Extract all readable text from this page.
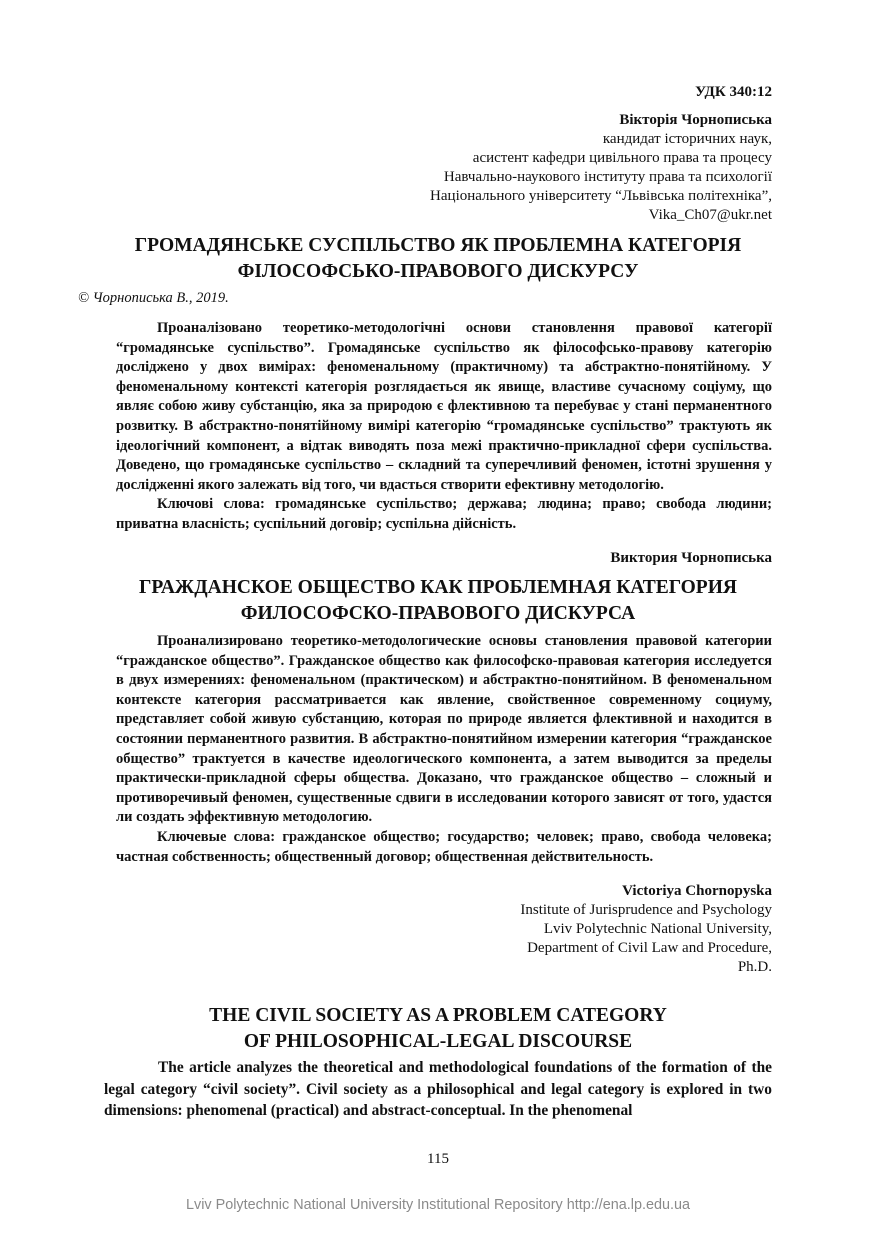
УДК 340:12
Вікторія Чорнописька
кандидат історичних наук,
асистент кафедри цивільного права та процесу
Навчально-наукового інституту права та психології
Національного університету “Львівська політехніка”,
Vika_Ch07@ukr.net
ГРОМАДЯНСЬКЕ СУСПІЛЬСТВО ЯК ПРОБЛЕМНА КАТЕГОРІЯ
ФІЛОСОФСЬКО-ПРАВОВОГО ДИСКУРСУ
© Чорнописька В., 2019.

Проаналізовано теоретико-методологічні основи становлення правової категорії “громадянське суспільство”. Громадянське суспільство як філософсько-правову категорію досліджено у двох вимірах: феноменальному (практичному) та абстрактно-понятійному. У феноменальному контексті категорія розглядається як явище, властиве сучасному соціуму, що являє собою живу субстанцію, яка за природою є флективною та перебуває у стані перманентного розвитку. В абстрактно-понятійному вимірі категорію “громадянське суспільство” трактують як ідеологічний компонент, а відтак виводять поза межі практично-прикладної сфери суспільства. Доведено, що громадянське суспільство – складний та суперечливий феномен, істотні зрушення у дослідженні якого залежать від того, чи вдасться створити ефективну методологію.

Ключові слова: громадянське суспільство; держава; людина; право; свобода людини; приватна власність; суспільний договір; суспільна дійсність.

Виктория Чорнописька
ГРАЖДАНСКОЕ ОБЩЕСТВО КАК ПРОБЛЕМНАЯ КАТЕГОРИЯ
ФИЛОСОФСКО-ПРАВОВОГО ДИСКУРСА

Проанализировано теоретико-методологические основы становления правовой категории “гражданское общество”. Гражданское общество как философско-правовая категория исследуется в двух измерениях: феноменальном (практическом) и абстрактно-понятийном. В феноменальном контексте категория рассматривается как явление, свойственное современному социуму, представляет собой живую субстанцию, которая по природе является флективной и находится в состоянии перманентного развития. В абстрактно-понятийном измерении категория “гражданское общество” трактуется в качестве идеологического компонента, а затем выводится за пределы практически-прикладной сферы общества. Доказано, что гражданское общество – сложный и противоречивый феномен, существенные сдвиги в исследовании которого зависят от того, удастся ли создать эффективную методологию.

Ключевые слова: гражданское общество; государство; человек; право, свобода человека; частная собственность; общественный договор; общественная действительность.

Victoriya Chornopyska
Institute of Jurisprudence and Psychology
Lviv Polytechnic National University,
Department of Civil Law and Procedure,
Ph.D.
THE CIVIL SOCIETY AS A PROBLEM CATEGORY
OF PHILOSOPHICAL-LEGAL DISCOURSE

The article analyzes the theoretical and methodological foundations of the formation of the legal category “civil society”. Civil society as a philosophical and legal category is explored in two dimensions: phenomenal (practical) and abstract-conceptual. In the phenomenal

115
Lviv Polytechnic National University Institutional Repository http://ena.lp.edu.ua
